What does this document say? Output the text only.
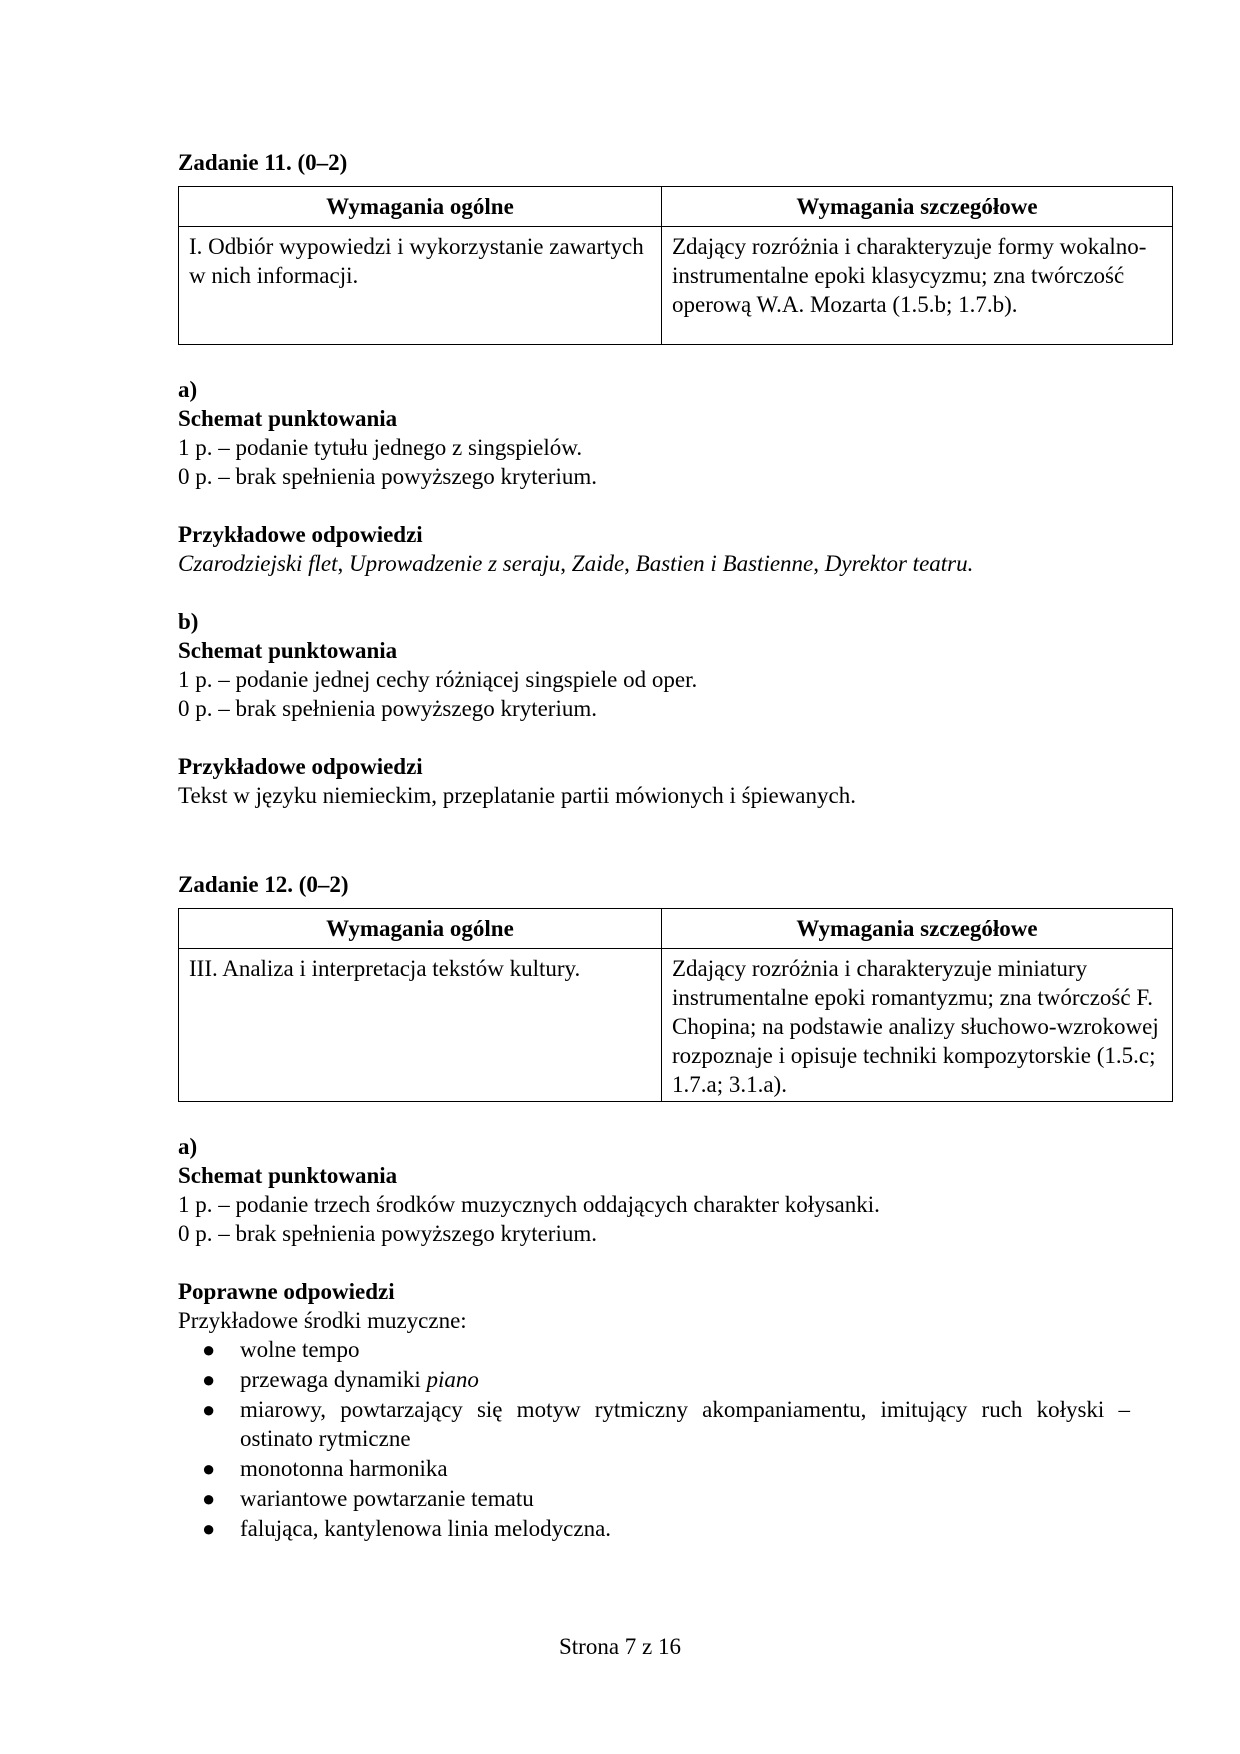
Zadanie 11. (0–2)

Wymagania ogólne	Wymagania szczegółowe
I. Odbiór wypowiedzi i wykorzystanie zawartych w nich informacji.	Zdający rozróżnia i charakteryzuje formy wokalno-instrumentalne epoki klasycyzmu; zna twórczość operową W.A. Mozarta (1.5.b; 1.7.b).

a)

Schemat punktowania

1 p. – podanie tytułu jednego z singspielów.

0 p. – brak spełnienia powyższego kryterium.

Przykładowe odpowiedzi

Czarodziejski flet, Uprowadzenie z seraju, Zaide, Bastien i Bastienne, Dyrektor teatru.

b)

Schemat punktowania

1 p. – podanie jednej cechy różniącej singspiele od oper.

0 p. – brak spełnienia powyższego kryterium.

Przykładowe odpowiedzi

Tekst w języku niemieckim, przeplatanie partii mówionych i śpiewanych.

Zadanie 12. (0–2)

Wymagania ogólne	Wymagania szczegółowe
III. Analiza i interpretacja tekstów kultury.	Zdający rozróżnia i charakteryzuje miniatury instrumentalne epoki romantyzmu; zna twórczość F. Chopina; na podstawie analizy słuchowo-wzrokowej rozpoznaje i opisuje techniki kompozytorskie (1.5.c; 1.7.a; 3.1.a).

a)

Schemat punktowania

1 p. – podanie trzech środków muzycznych oddających charakter kołysanki.

0 p. – brak spełnienia powyższego kryterium.

Poprawne odpowiedzi

Przykładowe środki muzyczne:

● wolne tempo
● przewaga dynamiki piano
● miarowy, powtarzający się motyw rytmiczny akompaniamentu, imitujący ruch kołyski – ostinato rytmiczne
● monotonna harmonika
● wariantowe powtarzanie tematu
● falująca, kantylenowa linia melodyczna.
Strona 7 z 16
